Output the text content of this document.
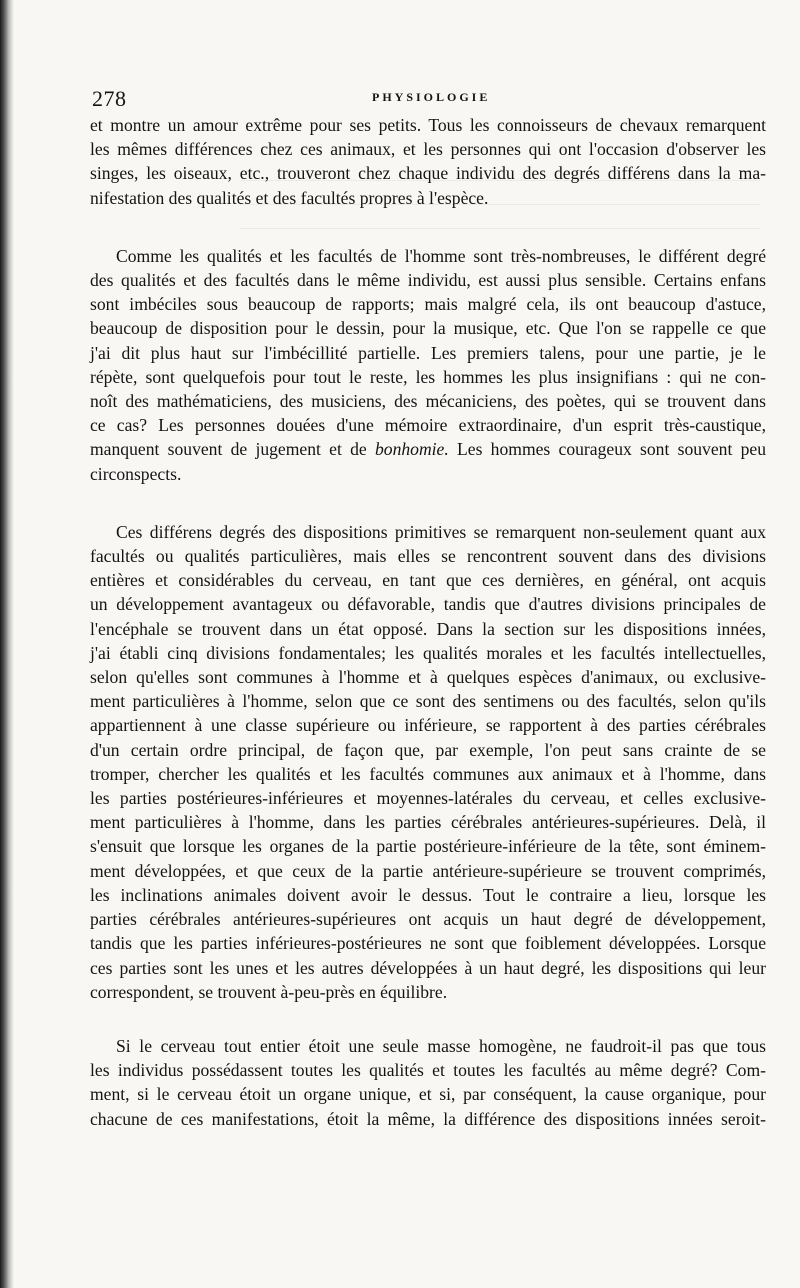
278	PHYSIOLOGIE

et montre un amour extrême pour ses petits. Tous les connoisseurs de chevaux remarquent
les mêmes différences chez ces animaux, et les personnes qui ont l'occasion d'observer les
singes, les oiseaux, etc., trouveront chez chaque individu des degrés différens dans la ma-
nifestation des qualités et des facultés propres à l'espèce.

Comme les qualités et les facultés de l'homme sont très-nombreuses, le différent degré
des qualités et des facultés dans le même individu, est aussi plus sensible. Certains enfans
sont imbéciles sous beaucoup de rapports; mais malgré cela, ils ont beaucoup d'astuce,
beaucoup de disposition pour le dessin, pour la musique, etc. Que l'on se rappelle ce que
j'ai dit plus haut sur l'imbécillité partielle. Les premiers talens, pour une partie, je le
répète, sont quelquefois pour tout le reste, les hommes les plus insignifians : qui ne con-
noît des mathématiciens, des musiciens, des mécaniciens, des poètes, qui se trouvent dans
ce cas? Les personnes douées d'une mémoire extraordinaire, d'un esprit très-caustique,
manquent souvent de jugement et de bonhomie. Les hommes courageux sont souvent peu
circonspects.

Ces différens degrés des dispositions primitives se remarquent non-seulement quant aux
facultés ou qualités particulières, mais elles se rencontrent souvent dans des divisions
entières et considérables du cerveau, en tant que ces dernières, en général, ont acquis
un développement avantageux ou défavorable, tandis que d'autres divisions principales de
l'encéphale se trouvent dans un état opposé. Dans la section sur les dispositions innées,
j'ai établi cinq divisions fondamentales; les qualités morales et les facultés intellectuelles,
selon qu'elles sont communes à l'homme et à quelques espèces d'animaux, ou exclusive-
ment particulières à l'homme, selon que ce sont des sentimens ou des facultés, selon qu'ils
appartiennent à une classe supérieure ou inférieure, se rapportent à des parties cérébrales
d'un certain ordre principal, de façon que, par exemple, l'on peut sans crainte de se
tromper, chercher les qualités et les facultés communes aux animaux et à l'homme, dans
les parties postérieures-inférieures et moyennes-latérales du cerveau, et celles exclusive-
ment particulières à l'homme, dans les parties cérébrales antérieures-supérieures. Delà, il
s'ensuit que lorsque les organes de la partie postérieure-inférieure de la tête, sont éminem-
ment développées, et que ceux de la partie antérieure-supérieure se trouvent comprimés,
les inclinations animales doivent avoir le dessus. Tout le contraire a lieu, lorsque les
parties cérébrales antérieures-supérieures ont acquis un haut degré de développement,
tandis que les parties inférieures-postérieures ne sont que foiblement développées. Lorsque
ces parties sont les unes et les autres développées à un haut degré, les dispositions qui leur
correspondent, se trouvent à-peu-près en équilibre.

Si le cerveau tout entier étoit une seule masse homogène, ne faudroit-il pas que tous
les individus possédassent toutes les qualités et toutes les facultés au même degré? Com-
ment, si le cerveau étoit un organe unique, et si, par conséquent, la cause organique, pour
chacune de ces manifestations, étoit la même, la différence des dispositions innées seroit-
